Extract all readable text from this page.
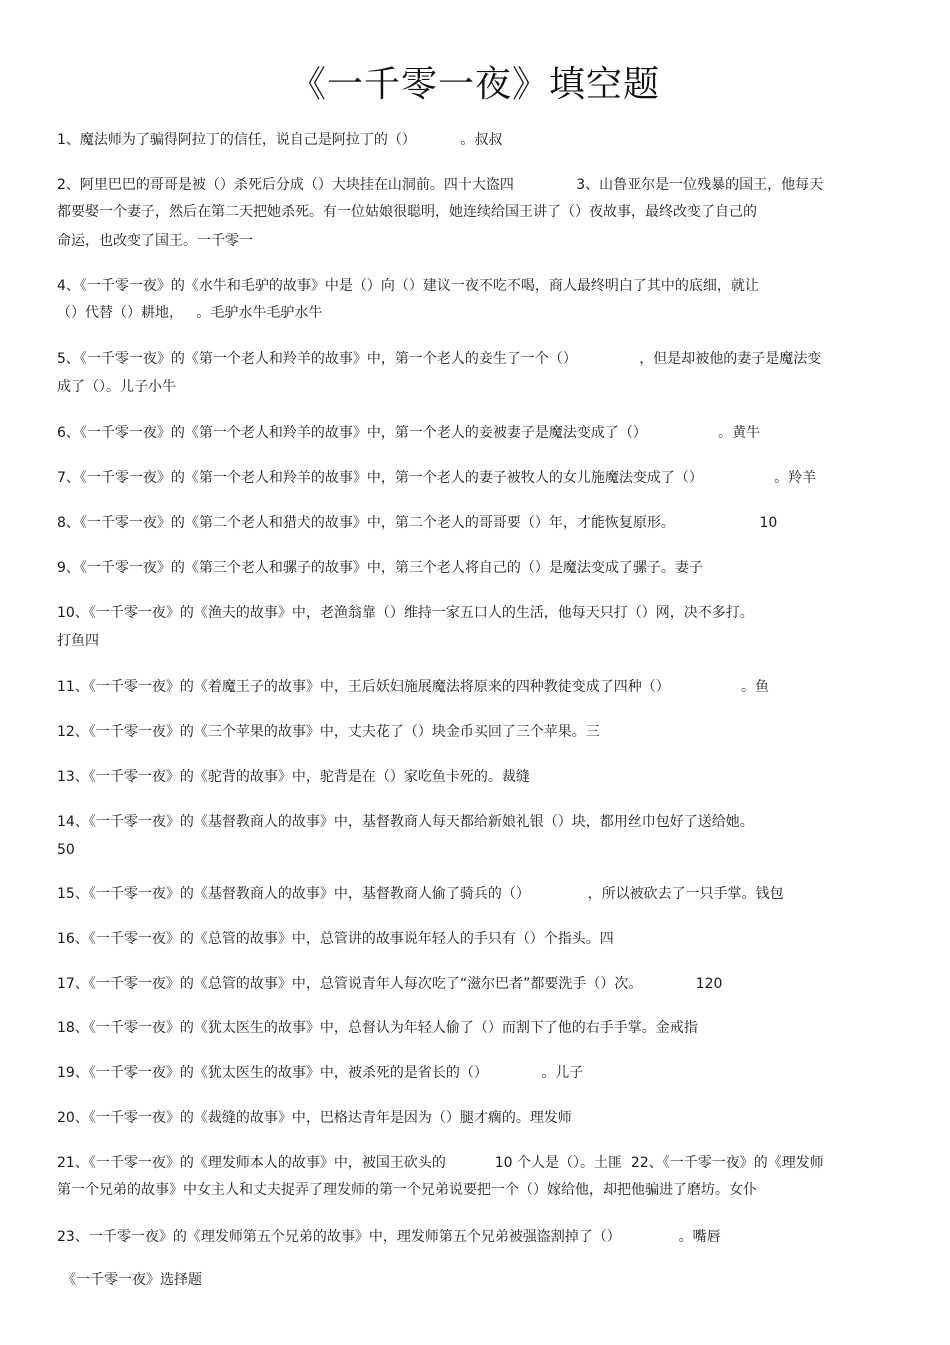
《一千零一夜》填空题
1、魔法师为了骗得阿拉丁的信任，说自己是阿拉丁的（）          。叔叔
2、阿里巴巴的哥哥是被（）杀死后分成（）大块挂在山洞前。四十大盗四              3、山鲁亚尔是一位残暴的国王，他每天
都要娶一个妻子，然后在第二天把她杀死。有一位姑娘很聪明，她连续给国王讲了（）夜故事，最终改变了自己的
命运，也改变了国王。一千零一
4、《一千零一夜》的《水牛和毛驴的故事》中是（）向（）建议一夜不吃不喝，商人最终明白了其中的底细，就让
（）代替（）耕地，   。毛驴水牛毛驴水牛
5、《一千零一夜》的《第一个老人和羚羊的故事》中，第一个老人的妾生了一个（）              ，但是却被他的妻子是魔法变
成了（）。儿子小牛
6、《一千零一夜》的《第一个老人和羚羊的故事》中，第一个老人的妾被妻子是魔法变成了（）                。黄牛
7、《一千零一夜》的《第一个老人和羚羊的故事》中，第一个老人的妻子被牧人的女儿施魔法变成了（）                。羚羊
8、《一千零一夜》的《第二个老人和猎犬的故事》中，第二个老人的哥哥要（）年，才能恢复原形。                   10
9、《一千零一夜》的《第三个老人和骡子的故事》中，第三个老人将自己的（）是魔法变成了骡子。妻子
10、《一千零一夜》的《渔夫的故事》中，老渔翁靠（）维持一家五口人的生活，他每天只打（）网，决不多打。
打鱼四
11、《一千零一夜》的《着魔王子的故事》中，王后妖妇施展魔法将原来的四种教徒变成了四种（）                。鱼
12、《一千零一夜》的《三个苹果的故事》中，丈夫花了（）块金币买回了三个苹果。三
13、《一千零一夜》的《驼背的故事》中，驼背是在（）家吃鱼卡死的。裁缝
14、《一千零一夜》的《基督教商人的故事》中，基督教商人每天都给新娘礼银（）块，都用丝巾包好了送给她。
50
15、《一千零一夜》的《基督教商人的故事》中，基督教商人偷了骑兵的（）             ，所以被砍去了一只手掌。钱包
16、《一千零一夜》的《总管的故事》中，总管讲的故事说年轻人的手只有（）个指头。四
17、《一千零一夜》的《总管的故事》中，总管说青年人每次吃了“滋尔巴者”都要洗手（）次。            120
18、《一千零一夜》的《犹太医生的故事》中，总督认为年轻人偷了（）而割下了他的右手手掌。金戒指
19、《一千零一夜》的《犹太医生的故事》中，被杀死的是省长的（）            。儿子
20、《一千零一夜》的《裁缝的故事》中，巴格达青年是因为（）腿才瘸的。理发师
21、《一千零一夜》的《理发师本人的故事》中，被国王砍头的           10 个人是（）。土匪  22、《一千零一夜》的《理发师
第一个兄弟的故事》中女主人和丈夫捉弄了理发师的第一个兄弟说要把一个（）嫁给他，却把他骗进了磨坊。女仆
23、一千零一夜》的《理发师第五个兄弟的故事》中，理发师第五个兄弟被强盗割掉了（）             。嘴唇
《一千零一夜》选择题
